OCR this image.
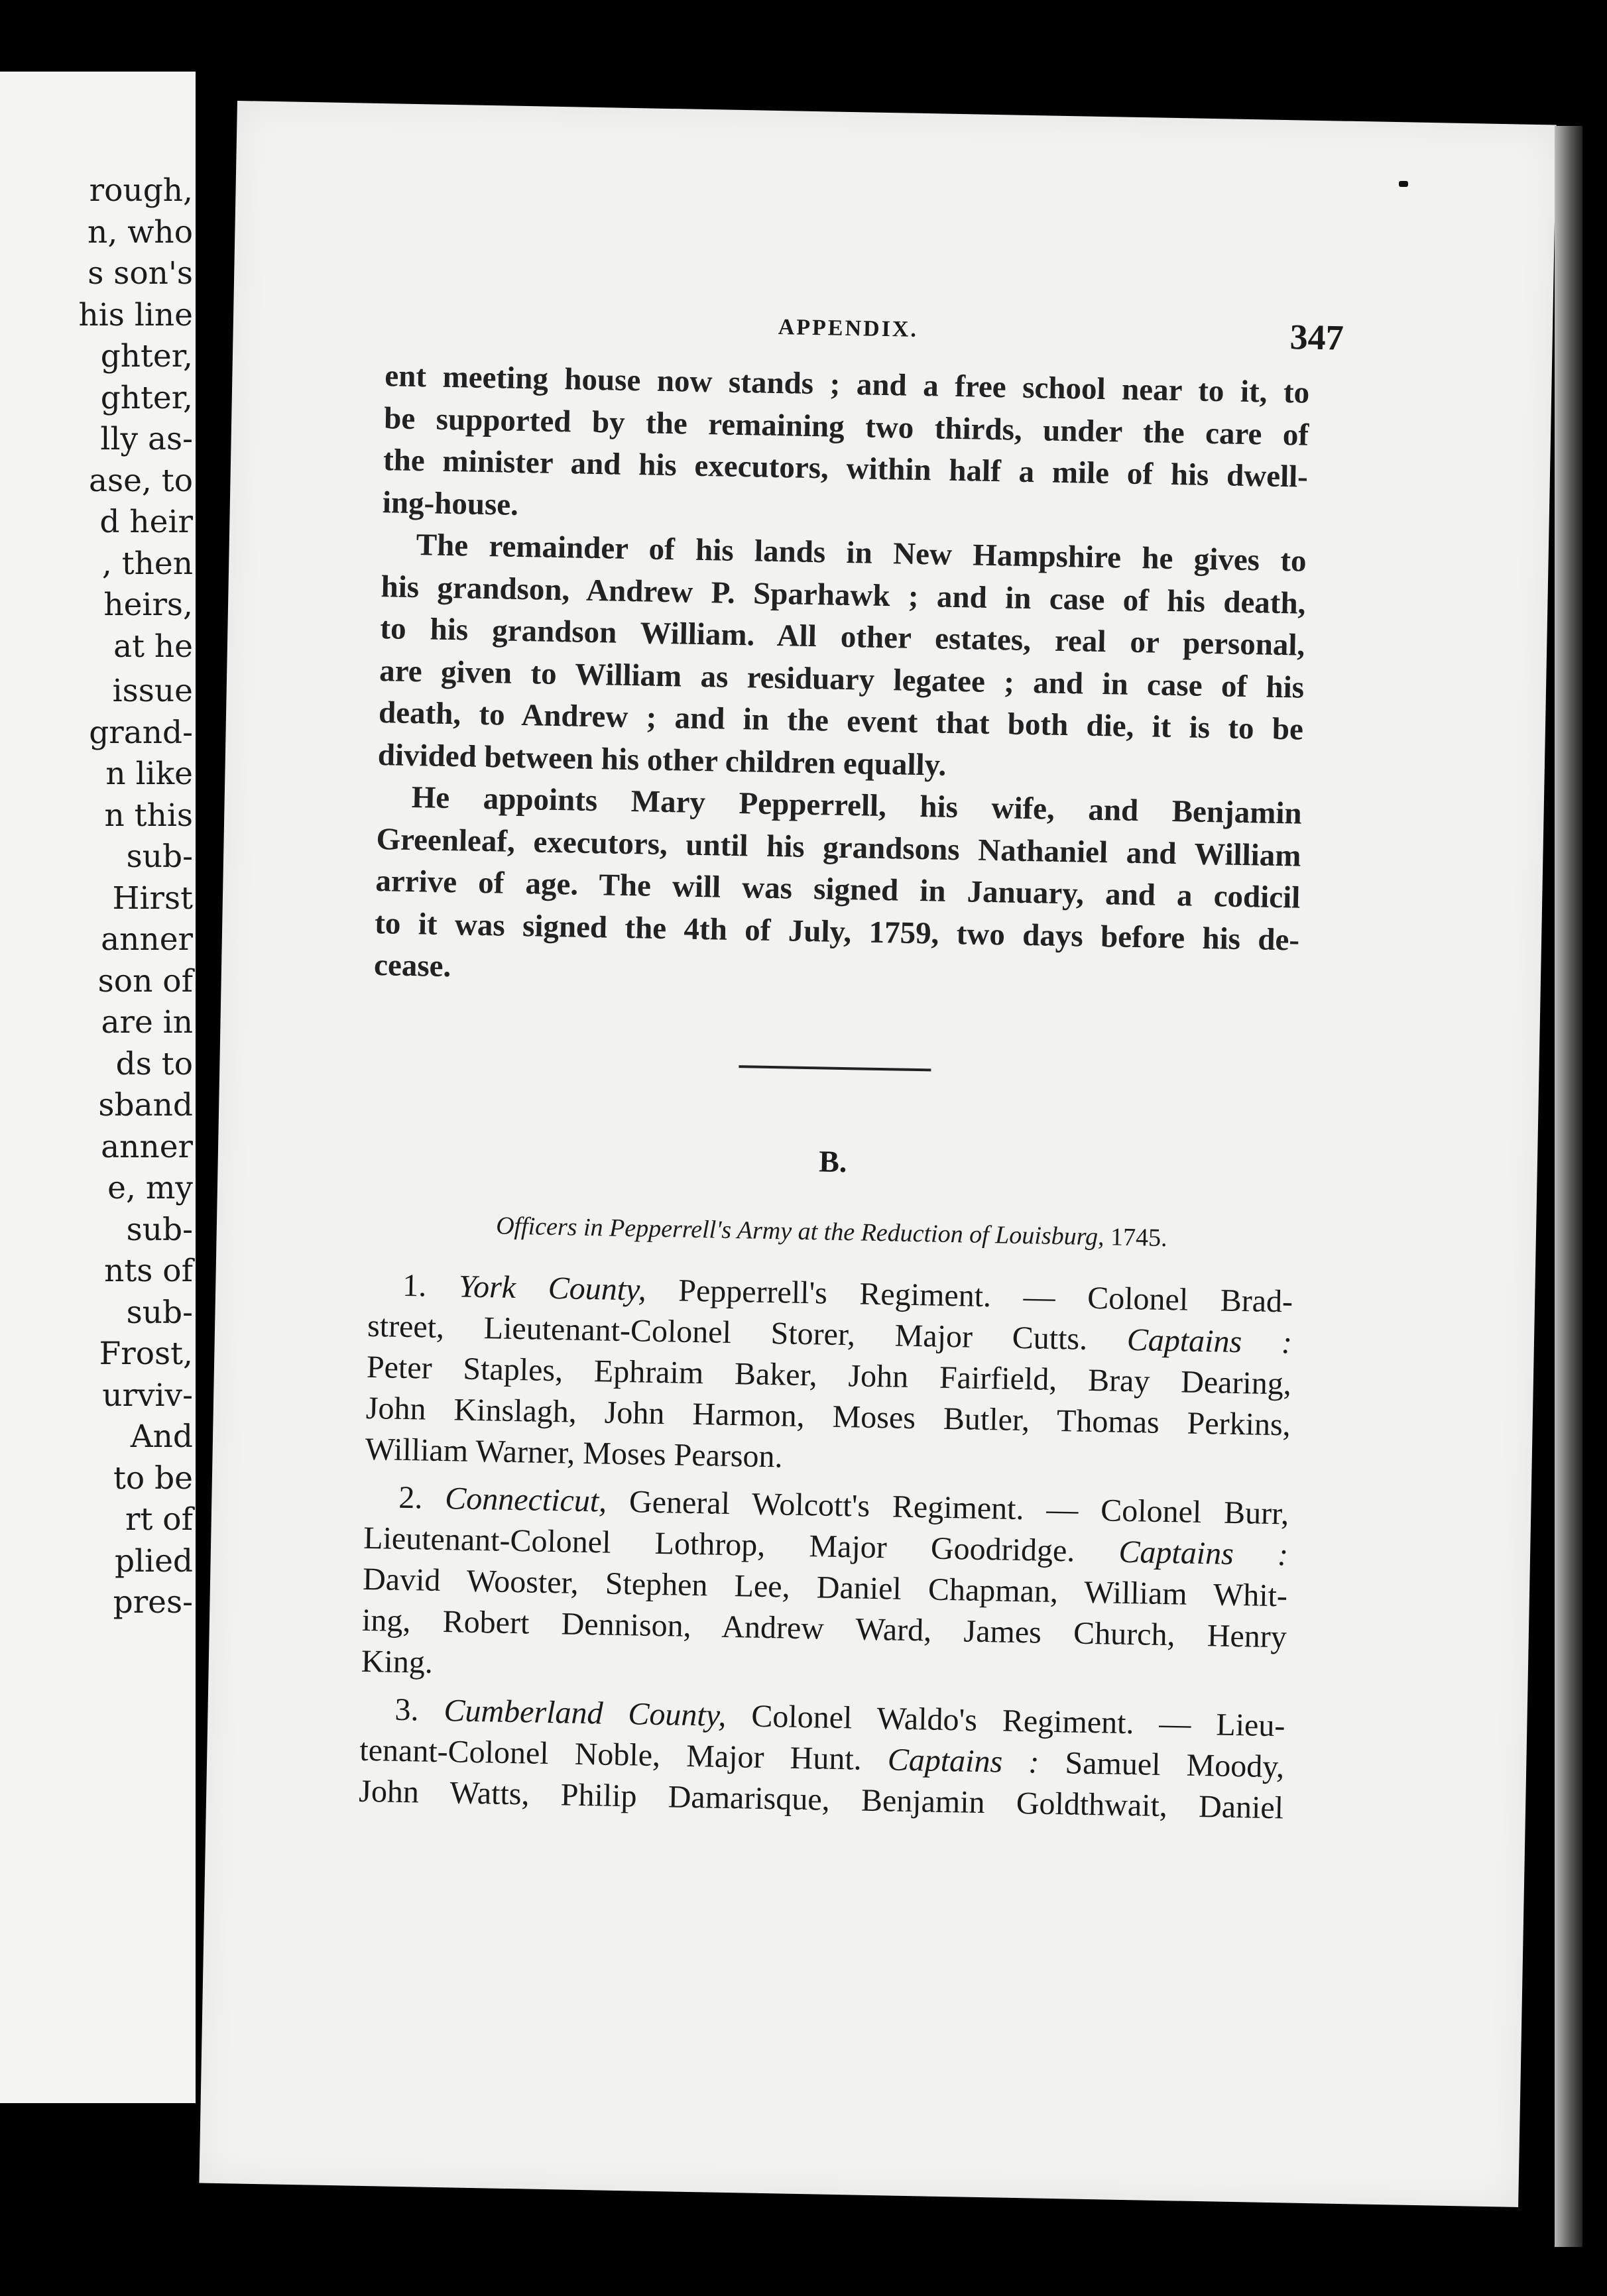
rough,
n, who
s son's
his line
ghter,
ghter,
lly as-
ase, to
d heir
, then
heirs,
at he
issue
grand-
n like
n this
sub-
Hirst
anner
son of
are in
ds to
sband
anner
e, my
sub-
nts of
sub-
Frost,
urviv-
And
to be
rt of
plied
pres-
APPENDIX.	347

ent meeting house now stands ; and a free school near to it, to
be supported by the remaining two thirds, under the care of
the minister and his executors, within half a mile of his dwell-
ing-house.

The remainder of his lands in New Hampshire he gives to
his grandson, Andrew P. Sparhawk ; and in case of his death,
to his grandson William. All other estates, real or personal,
are given to William as residuary legatee ; and in case of his
death, to Andrew ; and in the event that both die, it is to be
divided between his other children equally.

He appoints Mary Pepperrell, his wife, and Benjamin
Greenleaf, executors, until his grandsons Nathaniel and William
arrive of age. The will was signed in January, and a codicil
to it was signed the 4th of July, 1759, two days before his de-
cease.

B.
Officers in Pepperrell's Army at the Reduction of Louisburg, 1745.

1. York County, Pepperrell's Regiment. — Colonel Brad-
street, Lieutenant-Colonel Storer, Major Cutts. Captains :
Peter Staples, Ephraim Baker, John Fairfield, Bray Dearing,
John Kinslagh, John Harmon, Moses Butler, Thomas Perkins,
William Warner, Moses Pearson.

2. Connecticut, General Wolcott's Regiment. — Colonel Burr,
Lieutenant-Colonel Lothrop, Major Goodridge. Captains :
David Wooster, Stephen Lee, Daniel Chapman, William Whit-
ing, Robert Dennison, Andrew Ward, James Church, Henry
King.

3. Cumberland County, Colonel Waldo's Regiment. — Lieu-
tenant-Colonel Noble, Major Hunt. Captains : Samuel Moody,
John Watts, Philip Damarisque, Benjamin Goldthwait, Daniel
